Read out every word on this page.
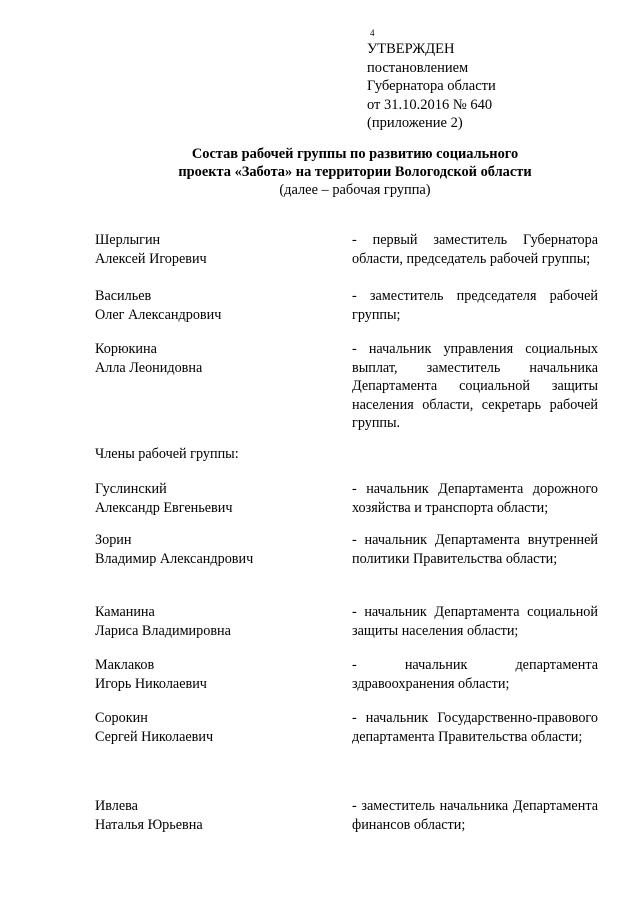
4
УТВЕРЖДЕН
постановлением
Губернатора области
от 31.10.2016 № 640
(приложение 2)
Состав рабочей группы по развитию социального
проекта «Забота» на территории Вологодской области
(далее – рабочая группа)
Шерлыгин
Алексей Игоревич
- первый заместитель Губернатора области, председатель рабочей группы;
Васильев
Олег Александрович
- заместитель председателя рабочей группы;
Корюкина
Алла Леонидовна
- начальник управления социальных выплат, заместитель начальника Департамента социальной защиты населения области, секретарь рабочей группы.
Члены рабочей группы:
Гуслинский
Александр Евгеньевич
- начальник Департамента дорожного хозяйства и транспорта области;
Зорин
Владимир Александрович
- начальник Департамента внутренней политики Правительства области;
Каманина
Лариса Владимировна
- начальник Департамента социальной защиты населения области;
Маклаков
Игорь Николаевич
- начальник департамента здравоохранения области;
Сорокин
Сергей Николаевич
- начальник Государственно-правового департамента Правительства области;
Ивлева
Наталья Юрьевна
- заместитель начальника Департамента финансов области;
